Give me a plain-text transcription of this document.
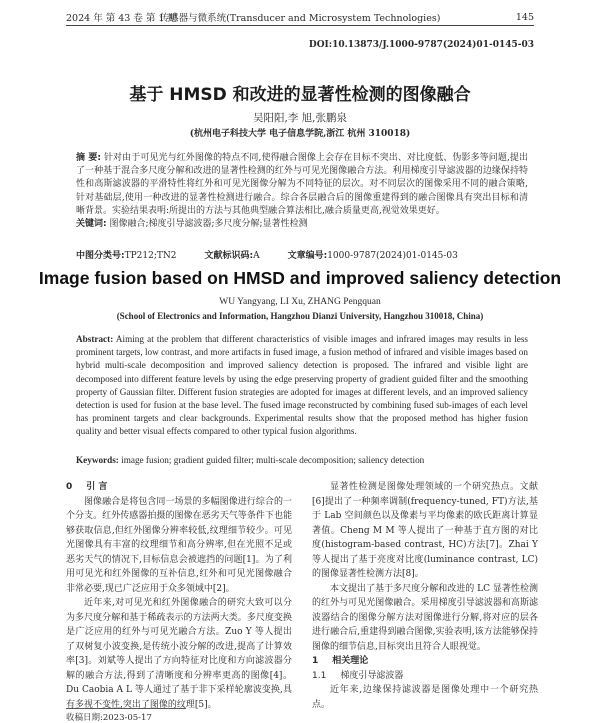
2024 年 第 43 卷 第 1 期
传感器与微系统(Transducer and Microsystem Technologies)	145
DOI:10.13873/J.1000-9787(2024)01-0145-03
基于 HMSD 和改进的显著性检测的图像融合
吴阳阳,李 旭,张鹏泉
(杭州电子科技大学 电子信息学院,浙江 杭州 310018)
摘 要: 针对由于可见光与红外图像的特点不同,使得融合图像上会存在目标不突出、对比度低、伪影多等问题,提出了一种基于混合多尺度分解和改进的显著性检测的红外与可见光图像融合方法。利用梯度引导滤波器的边缘保持特性和高斯滤波器的平滑特性将红外和可见光图像分解为不同特征的层次。对不同层次的图像采用不同的融合策略,针对基础层,使用一种改进的显著性检测进行融合。综合各层融合后的图像重建得到的融合图像具有突出目标和清晰背景。实验结果表明:所提出的方法与其他典型融合算法相比,融合质量更高,视觉效果更好。
关键词: 图像融合;梯度引导滤波器;多尺度分解;显著性检测
中图分类号:TP212;TN2	文献标识码:A	文章编号:1000-9787(2024)01-0145-03
Image fusion based on HMSD and improved saliency detection
WU Yangyang, LI Xu, ZHANG Pengquan
(School of Electronics and Information, Hangzhou Dianzi University, Hangzhou 310018, China)
Abstract: Aiming at the problem that different characteristics of visible images and infrared images may results in less prominent targets, low contrast, and more artifacts in fused image, a fusion method of infrared and visible images based on hybrid multi-scale decomposition and improved saliency detection is proposed. The infrared and visible light are decomposed into different feature levels by using the edge preserving property of gradient guided filter and the smoothing property of Gaussian filter. Different fusion strategies are adopted for images at different levels, and an improved saliency detection is used for fusion at the base level. The fused image reconstructed by combining fused sub-images of each level has prominent targets and clear backgrounds. Experimental results show that the proposed method has higher fusion quality and better visual effects compared to other typical fusion algorithms.
Keywords: image fusion; gradient guided filter; multi-scale decomposition; saliency detection

0 引 言

图像融合是将包含同一场景的多幅图像进行综合的一个分支。红外传感器拍摄的图像在恶劣天气等条件下也能够获取信息,但红外图像分辨率较低,纹理细节较少。可见光图像具有丰富的纹理细节和高分辨率,但在光照不足或恶劣天气的情况下,目标信息会被遮挡的问题[1]。为了利用可见光和红外图像的互补信息,红外和可见光图像融合非常必要,现已广泛应用于众多领域中[2]。

近年来,对可见光和红外图像融合的研究大致可以分为多尺度分解和基于稀疏表示的方法两大类。多尺度变换是广泛应用的红外与可见光融合方法。Zuo Y 等人提出了双树复小波变换,是传统小波分解的改进,提高了计算效率[3]。刘斌等人提出了方向特征对比度和方向滤波器分解的融合方法,得到了清晰度和分辨率更高的图像[4]。Du Caobia A L 等人通过了基于非下采样轮廓波变换,具有多视不变性,突出了图像的纹理[5]。

显著性检测是图像处理领域的一个研究热点。文献[6]提出了一种频率调制(frequency-tuned, FT)方法,基于 Lab 空间颜色以及像素与平均像素的欧氏距离计算显著值。Cheng M M 等人提出了一种基于直方图的对比度(histogram-based contrast, HC)方法[7]。Zhai Y 等人提出了基于亮度对比度(luminance contrast, LC)的图像显著性检测方法[8]。

本文提出了基于多尺度分解和改进的 LC 显著性检测的红外与可见光图像融合。采用梯度引导滤波器和高斯滤波器结合的图像分解方法对图像进行分解,将对应的层各进行融合后,重建得到融合图像,实验表明,该方法能够保持图像的细节信息,目标突出且符合人眼视觉。

1 相关理论

1.1 梯度引导滤波器

近年来,边缘保持滤波器是图像处理中一个研究热点。

收稿日期:2023-05-17
